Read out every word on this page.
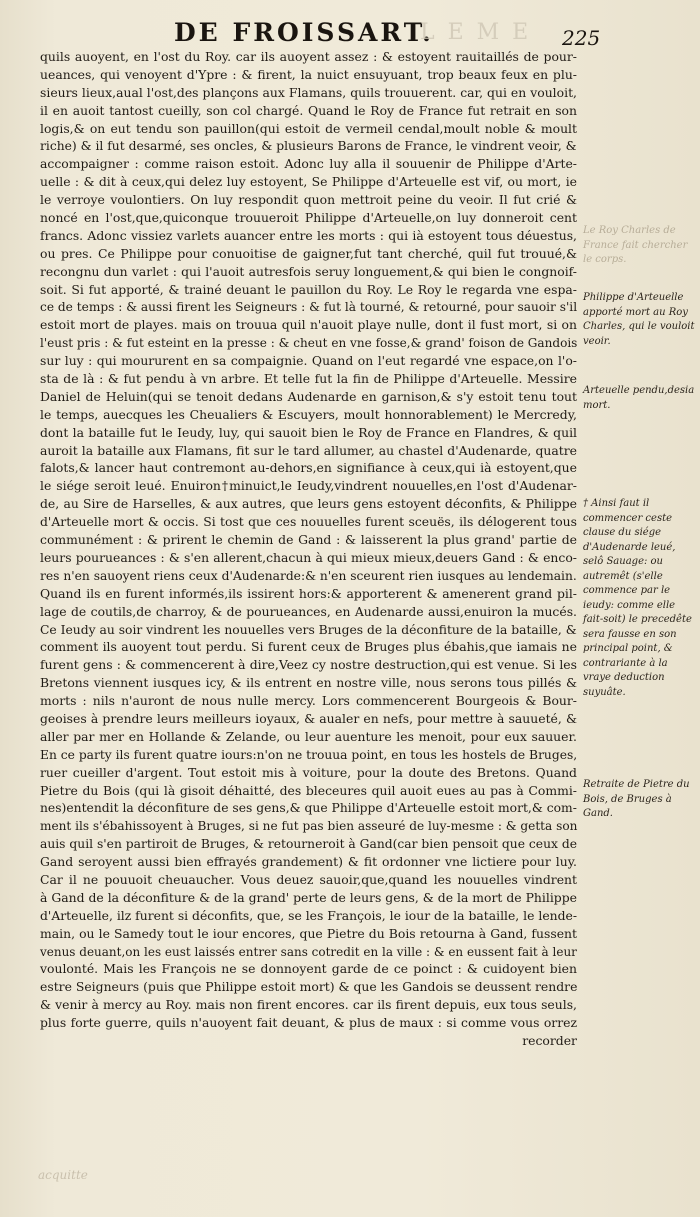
DE FROISSART.
L E M E 225
quils auoyent, en l'ost du Roy. car ils auoyent assez : & estoyent rauitaillés de pour-
ueances, qui venoyent d'Ypre : & firent, la nuict ensuyuant, trop beaux feux en plu-
sieurs lieux,aual l'ost,des plançons aux Flamans, quils trouuerent. car, qui en vouloit,
il en auoit tantost cueilly, son col chargé. Quand le Roy de France fut retrait en son
logis,& on eut tendu son pauillon(qui estoit de vermeil cendal,moult noble & moult
riche) & il fut desarmé, ses oncles, & plusieurs Barons de France, le vindrent veoir, &
accompaigner : comme raison estoit. Adonc luy alla il souuenir de Philippe d'Arte-
uelle : & dit à ceux,qui delez luy estoyent, Se Philippe d'Arteuelle est vif, ou mort, ie
le verroye voulontiers. On luy respondit quon mettroit peine du veoir. Il fut crié &
noncé en l'ost,que,quiconque trouueroit Philippe d'Arteuelle,on luy donneroit cent
francs. Adonc vissiez varlets auancer entre les morts : qui ià estoyent tous déuestus,
ou pres. Ce Philippe pour conuoitise de gaigner,fut tant cherché, quil fut trouué,&
recongnu dun varlet : qui l'auoit autresfois seruy longuement,& qui bien le congnoif-
soit. Si fut apporté, & trainé deuant le pauillon du Roy. Le Roy le regarda vne espa-
ce de temps : & aussi firent les Seigneurs : & fut là tourné, & retourné, pour sauoir s'il
estoit mort de playes. mais on trouua quil n'auoit playe nulle, dont il fust mort, si on
l'eust pris : & fut esteint en la presse : & cheut en vne fosse,& grand' foison de Gandois
sur luy : qui moururent en sa compaignie. Quand on l'eut regardé vne espace,on l'o-
sta de là : & fut pendu à vn arbre. Et telle fut la fin de Philippe d'Arteuelle. Messire
Daniel de Heluin(qui se tenoit dedans Audenarde en garnison,& s'y estoit tenu tout
le temps, auecques les Cheualiers & Escuyers, moult honnorablement) le Mercredy,
dont la bataille fut le Ieudy, luy, qui sauoit bien le Roy de France en Flandres, & quil
auroit la bataille aux Flamans, fit sur le tard allumer, au chastel d'Audenarde, quatre
falots,& lancer haut contremont au-dehors,en signifiance à ceux,qui ià estoyent,que
le siége seroit leué. Enuiron†minuict,le Ieudy,vindrent nouuelles,en l'ost d'Audenar-
de, au Sire de Harselles, & aux autres, que leurs gens estoyent déconfits, & Philippe
d'Arteuelle mort & occis. Si tost que ces nouuelles furent sceuës, ils délogerent tous
communément : & prirent le chemin de Gand : & laisserent la plus grand' partie de
leurs pourueances : & s'en allerent,chacun à qui mieux mieux,deuers Gand : & enco-
res n'en sauoyent riens ceux d'Audenarde:& n'en sceurent rien iusques au lendemain.
Quand ils en furent informés,ils issirent hors:& apporterent & amenerent grand pil-
lage de coutils,de charroy, & de pourueances, en Audenarde aussi,enuiron la mucés.
Ce Ieudy au soir vindrent les nouuelles vers Bruges de la déconfiture de la bataille, &
comment ils auoyent tout perdu. Si furent ceux de Bruges plus ébahis,que iamais ne
furent gens : & commencerent à dire,Veez cy nostre destruction,qui est venue. Si les
Bretons viennent iusques icy, & ils entrent en nostre ville, nous serons tous pillés &
morts : nils n'auront de nous nulle mercy. Lors commencerent Bourgeois & Bour-
geoises à prendre leurs meilleurs ioyaux, & aualer en nefs, pour mettre à sauueté, &
aller par mer en Hollande & Zelande, ou leur auenture les menoit, pour eux sauuer.
En ce party ils furent quatre iours:n'on ne trouua point, en tous les hostels de Bruges,
ruer cueiller d'argent. Tout estoit mis à voiture, pour la doute des Bretons. Quand
Pietre du Bois (qui là gisoit déhaitté, des bleceures quil auoit eues au pas à Commi-
nes)entendit la déconfiture de ses gens,& que Philippe d'Arteuelle estoit mort,& com-
ment ils s'ébahissoyent à Bruges, si ne fut pas bien asseuré de luy-mesme : & getta son
auis quil s'en partiroit de Bruges, & retourneroit à Gand(car bien pensoit que ceux de
Gand seroyent aussi bien effrayés grandement) & fit ordonner vne lictiere pour luy.
Car il ne pouuoit cheuaucher. Vous deuez sauoir,que,quand les nouuelles vindrent
à Gand de la déconfiture & de la grand' perte de leurs gens, & de la mort de Philippe
d'Arteuelle, ilz furent si déconfits, que, se les François, le iour de la bataille, le lende-
main, ou le Samedy tout le iour encores, que Pietre du Bois retourna à Gand, fussent
venus deuant,on les eust laissés entrer sans cotredit en la ville : & en eussent fait à leur
voulonté. Mais les François ne se donnoyent garde de ce poinct : & cuidoyent bien
estre Seigneurs (puis que Philippe estoit mort) & que les Gandois se deussent rendre
& venir à mercy au Roy. mais non firent encores. car ils firent depuis, eux tous seuls,
plus forte guerre, quils n'auoyent fait deuant, & plus de maux : si comme vous orrez
recorder
Le Roy Charles de France fait chercher le corps.
Philippe d'Arteuelle apporté mort au Roy Charles, qui le vouloit veoir.
Arteuelle pendu,desia mort.
† Ainsi faut il commencer ceste clause du siége d'Audenarde leué, selô Sauage: ou autremêt (s'elle commence par le ieudy: comme elle fait-soit) le precedête sera fausse en son principal point, & contrariante à la vraye deduction suyuâte.
Retraite de Pietre du Bois, de Bruges à Gand.
acquitte
